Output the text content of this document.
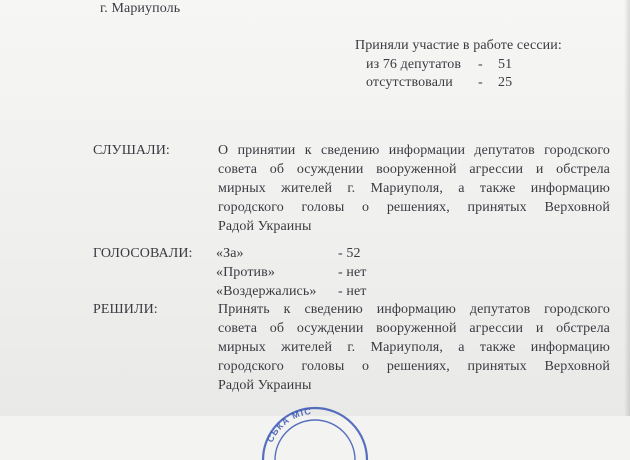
г. Мариуполь
Приняли участие в работе сессии:
из 76 депутатов - 51
отсутствовали - 25
СЛУШАЛИ:	О принятии к сведению информации депутатов городского
совета об осуждении вооруженной агрессии и обстрела
мирных жителей г. Мариуполя, а также информацию
городского головы о решениях, принятых Верховной
Радой Украины
ГОЛОСОВАЛИ: «За»	- 52
«Против»	- нет
«Воздержались» - нет
РЕШИЛИ:	Принять к сведению информацию депутатов городского
совета об осуждении вооруженной агрессии и обстрела
мирных жителей г. Мариуполя, а также информацию
городского головы о решениях, принятых Верховной
Радой Украины
СЬКА МІС
